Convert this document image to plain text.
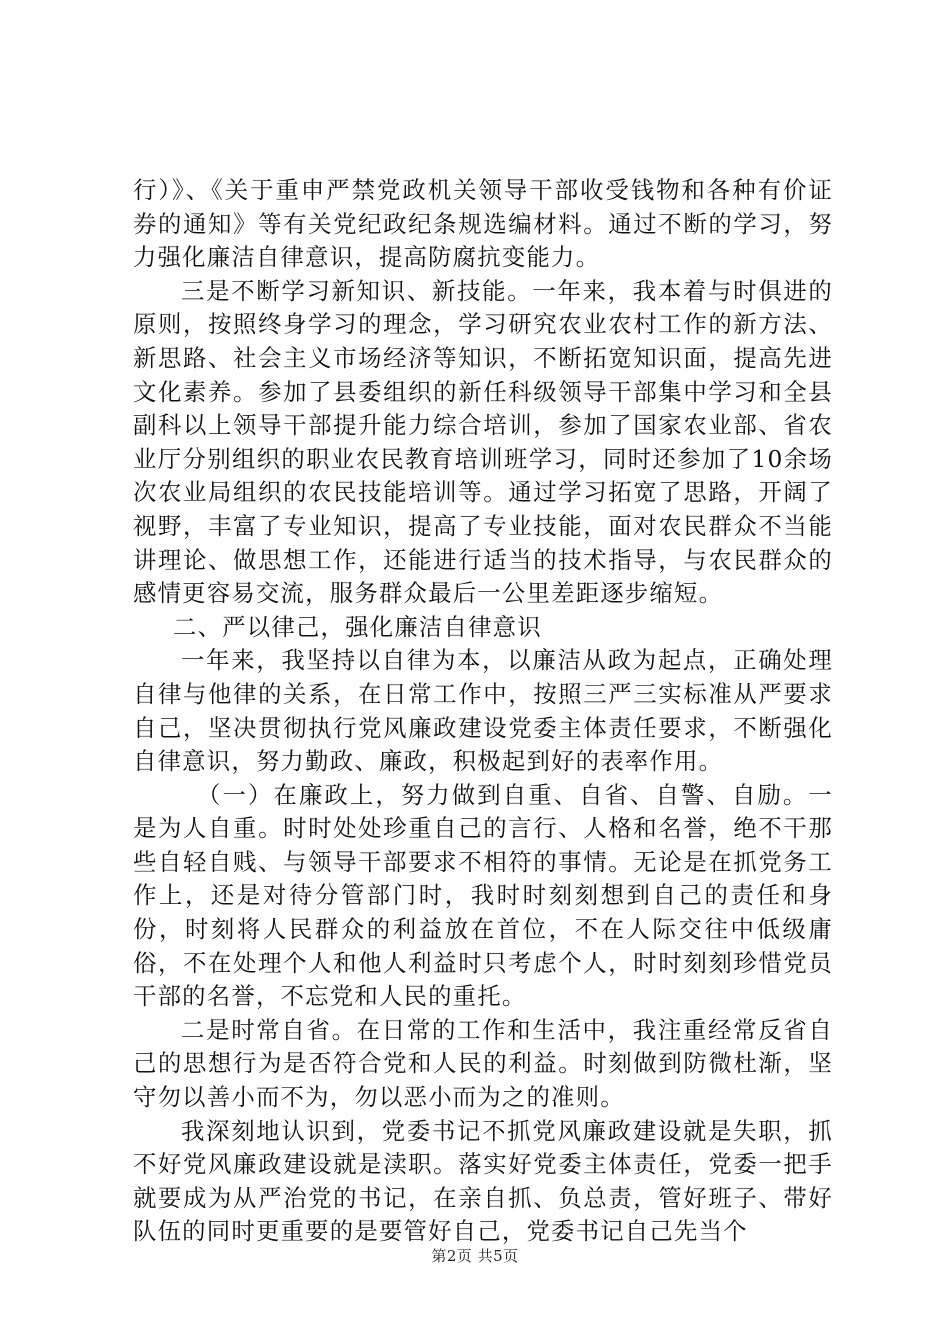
行）》、《关于重申严禁党政机关领导干部收受钱物和各种有价证券的通知》等有关党纪政纪条规选编材料。通过不断的学习，努力强化廉洁自律意识，提高防腐抗变能力。

三是不断学习新知识、新技能。一年来，我本着与时俱进的原则，按照终身学习的理念，学习研究农业农村工作的新方法、新思路、社会主义市场经济等知识，不断拓宽知识面，提高先进文化素养。参加了县委组织的新任科级领导干部集中学习和全县副科以上领导干部提升能力综合培训，参加了国家农业部、省农业厅分别组织的职业农民教育培训班学习，同时还参加了10余场次农业局组织的农民技能培训等。通过学习拓宽了思路，开阔了视野，丰富了专业知识，提高了专业技能，面对农民群众不当能讲理论、做思想工作，还能进行适当的技术指导，与农民群众的感情更容易交流，服务群众最后一公里差距逐步缩短。

二、严以律己，强化廉洁自律意识

一年来，我坚持以自律为本，以廉洁从政为起点，正确处理自律与他律的关系，在日常工作中，按照三严三实标准从严要求自己，坚决贯彻执行党风廉政建设党委主体责任要求，不断强化自律意识，努力勤政、廉政，积极起到好的表率作用。

（一）在廉政上，努力做到自重、自省、自警、自励。一是为人自重。时时处处珍重自己的言行、人格和名誉，绝不干那些自轻自贱、与领导干部要求不相符的事情。无论是在抓党务工作上，还是对待分管部门时，我时时刻刻想到自己的责任和身份，时刻将人民群众的利益放在首位，不在人际交往中低级庸俗，不在处理个人和他人利益时只考虑个人，时时刻刻珍惜党员干部的名誉，不忘党和人民的重托。

二是时常自省。在日常的工作和生活中，我注重经常反省自己的思想行为是否符合党和人民的利益。时刻做到防微杜渐，坚守勿以善小而不为，勿以恶小而为之的准则。

我深刻地认识到，党委书记不抓党风廉政建设就是失职，抓不好党风廉政建设就是渎职。落实好党委主体责任，党委一把手就要成为从严治党的书记，在亲自抓、负总责，管好班子、带好队伍的同时更重要的是要管好自己，党委书记自己先当个

第2页 共5页
